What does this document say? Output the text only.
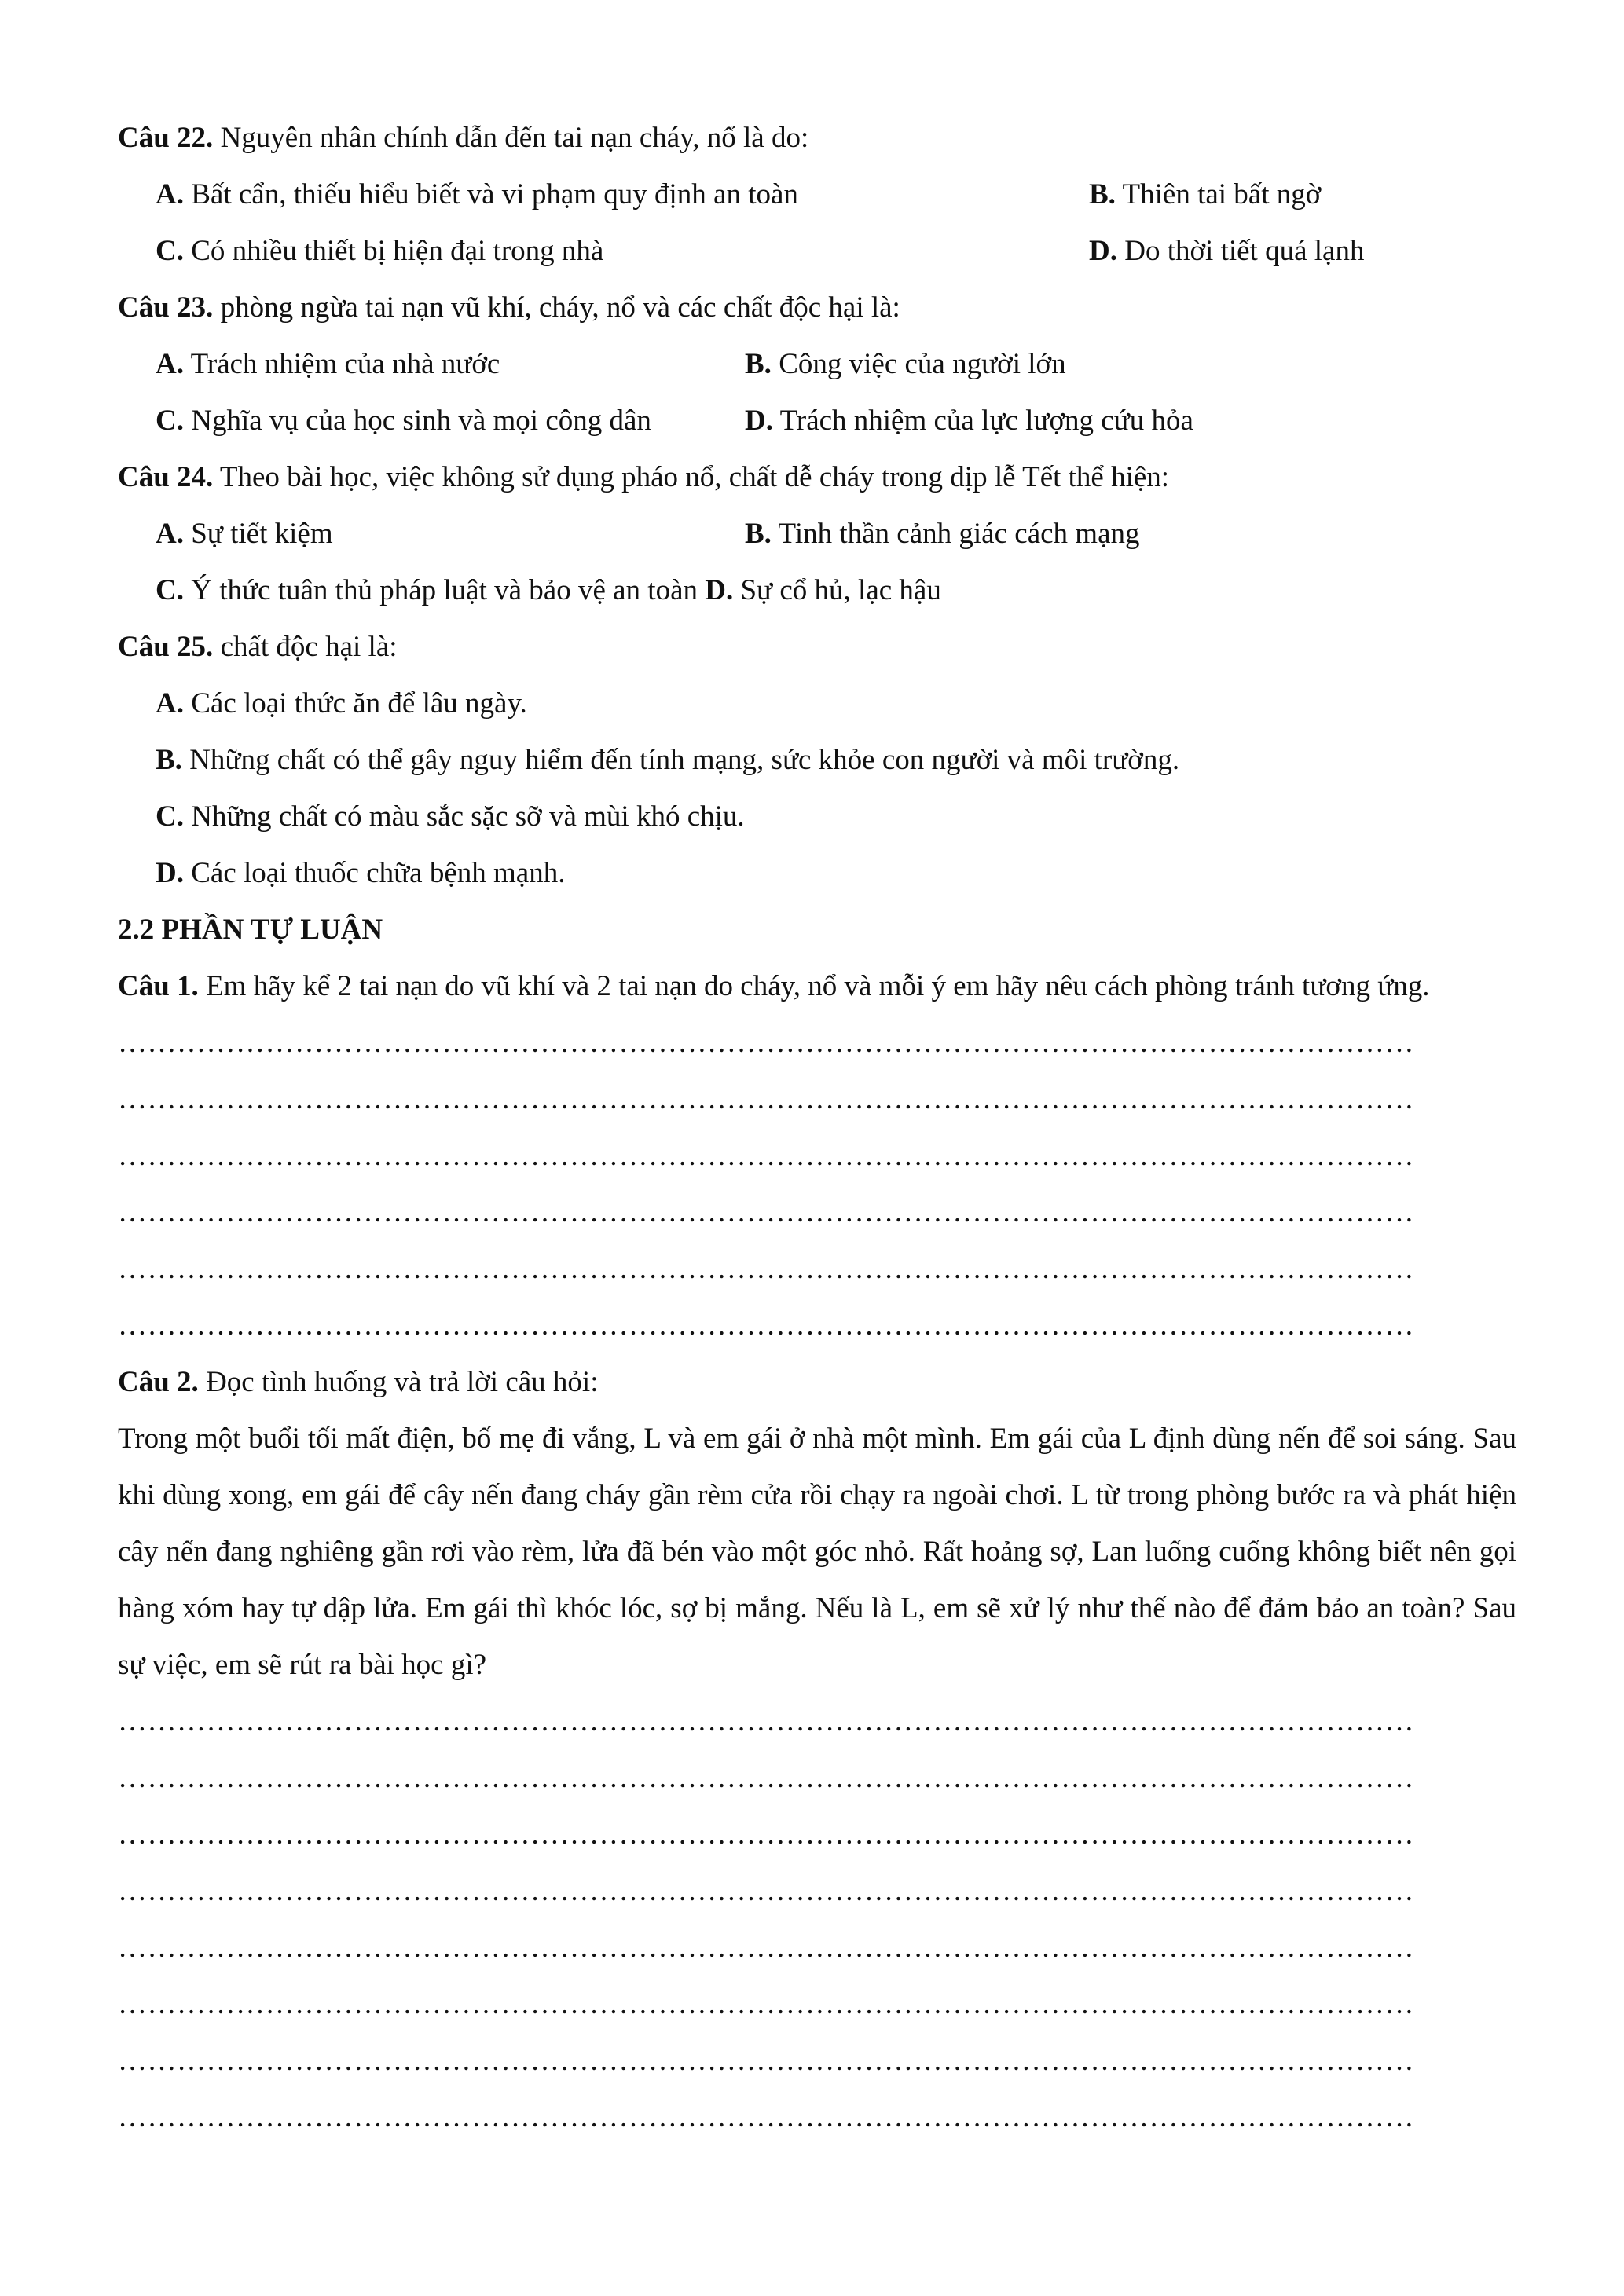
Câu 22. Nguyên nhân chính dẫn đến tai nạn cháy, nổ là do:
A. Bất cẩn, thiếu hiểu biết và vi phạm quy định an toàn	B. Thiên tai bất ngờ
C. Có nhiều thiết bị hiện đại trong nhà	D. Do thời tiết quá lạnh
Câu 23. phòng ngừa tai nạn vũ khí, cháy, nổ và các chất độc hại là:
A. Trách nhiệm của nhà nước	B. Công việc của người lớn
C. Nghĩa vụ của học sinh và mọi công dân	D. Trách nhiệm của lực lượng cứu hỏa
Câu 24. Theo bài học, việc không sử dụng pháo nổ, chất dễ cháy trong dịp lễ Tết thể hiện:
A. Sự tiết kiệm	B. Tinh thần cảnh giác cách mạng
C. Ý thức tuân thủ pháp luật và bảo vệ an toàn D. Sự cổ hủ, lạc hậu
Câu 25. chất độc hại là:
A. Các loại thức ăn để lâu ngày.
B. Những chất có thể gây nguy hiểm đến tính mạng, sức khỏe con người và môi trường.
C. Những chất có màu sắc sặc sỡ và mùi khó chịu.
D. Các loại thuốc chữa bệnh mạnh.
2.2 PHẦN TỰ LUẬN
Câu 1. Em hãy kể 2 tai nạn do vũ khí và 2 tai nạn do cháy, nổ và mỗi ý em hãy nêu cách phòng tránh tương ứng.
……………………………………………………………………………………………………………………
……………………………………………………………………………………………………………………
……………………………………………………………………………………………………………………
……………………………………………………………………………………………………………………
……………………………………………………………………………………………………………………
……………………………………………………………………………………………………………………
Câu 2. Đọc tình huống và trả lời câu hỏi:
Trong một buổi tối mất điện, bố mẹ đi vắng, L và em gái ở nhà một mình. Em gái của L định dùng nến để soi sáng. Sau khi dùng xong, em gái để cây nến đang cháy gần rèm cửa rồi chạy ra ngoài chơi. L từ trong phòng bước ra và phát hiện cây nến đang nghiêng gần rơi vào rèm, lửa đã bén vào một góc nhỏ. Rất hoảng sợ, Lan luống cuống không biết nên gọi hàng xóm hay tự dập lửa. Em gái thì khóc lóc, sợ bị mắng. Nếu là L, em sẽ xử lý như thế nào để đảm bảo an toàn? Sau sự việc, em sẽ rút ra bài học gì?
……………………………………………………………………………………………………………………
……………………………………………………………………………………………………………………
……………………………………………………………………………………………………………………
……………………………………………………………………………………………………………………
……………………………………………………………………………………………………………………
……………………………………………………………………………………………………………………
……………………………………………………………………………………………………………………
……………………………………………………………………………………………………………………
